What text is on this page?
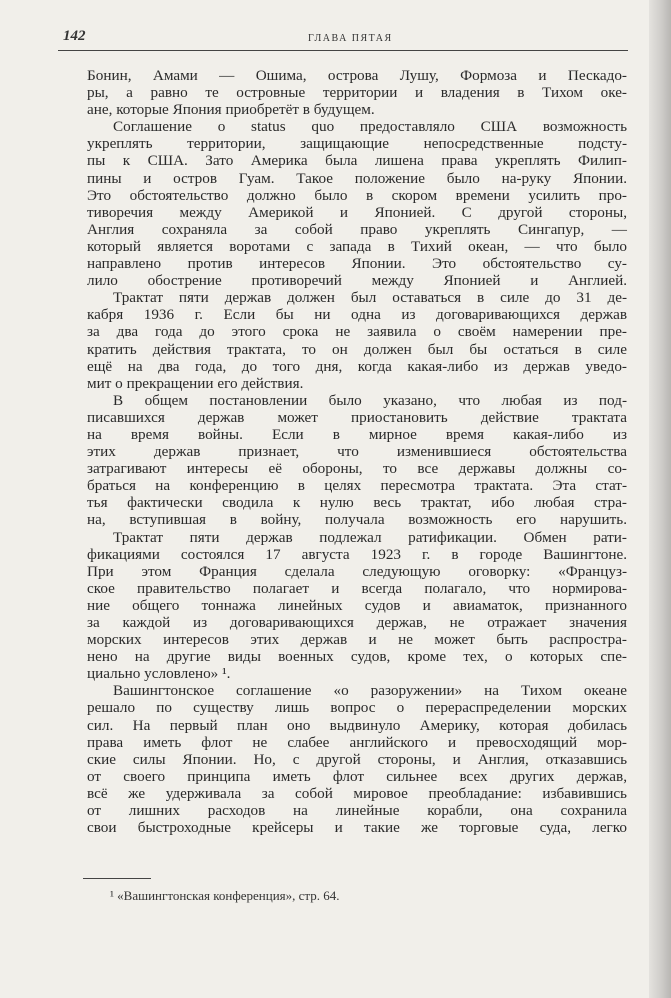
142	ГЛАВА ПЯТАЯ
Бонин, Амами — Ошима, острова Лушу, Формоза и Пескадо-
ры, а равно те островные территории и владения в Тихом оке-
ане, которые Япония приобретёт в будущем.
Соглашение о status quo предоставляло США возможность
укреплять территории, защищающие непосредственные подсту-
пы к США. Зато Америка была лишена права укреплять Филип-
пины и остров Гуам. Такое положение было на-руку Японии.
Это обстоятельство должно было в скором времени усилить про-
тиворечия между Америкой и Японией. С другой стороны,
Англия сохраняла за собой право укреплять Сингапур, —
который является воротами с запада в Тихий океан, — что было
направлено против интересов Японии. Это обстоятельство су-
лило обострение противоречий между Японией и Англией.
Трактат пяти держав должен был оставаться в силе до 31 де-
кабря 1936 г. Если бы ни одна из договаривающихся держав
за два года до этого срока не заявила о своём намерении пре-
кратить действия трактата, то он должен был бы остаться в силе
ещё на два года, до того дня, когда какая-либо из держав уведо-
мит о прекращении его действия.
В общем постановлении было указано, что любая из под-
писавшихся держав может приостановить действие трактата
на время войны. Если в мирное время какая-либо из
этих держав признает, что изменившиеся обстоятельства
затрагивают интересы её обороны, то все державы должны со-
браться на конференцию в целях пересмотра трактата. Эта стат-
тья фактически сводила к нулю весь трактат, ибо любая стра-
на, вступившая в войну, получала возможность его нарушить.
Трактат пяти держав подлежал ратификации. Обмен рати-
фикациями состоялся 17 августа 1923 г. в городе Вашингтоне.
При этом Франция сделала следующую оговорку: «Француз-
ское правительство полагает и всегда полагало, что нормирова-
ние общего тоннажа линейных судов и авиаматок, признанного
за каждой из договаривающихся держав, не отражает значения
морских интересов этих держав и не может быть распростра-
нено на другие виды военных судов, кроме тех, о которых спе-
циально условлено» ¹.
Вашингтонское соглашение «о разоружении» на Тихом океане
решало по существу лишь вопрос о перераспределении морских
сил. На первый план оно выдвинуло Америку, которая добилась
права иметь флот не слабее английского и превосходящий мор-
ские силы Японии. Но, с другой стороны, и Англия, отказавшись
от своего принципа иметь флот сильнее всех других держав,
всё же удерживала за собой мировое преобладание: избавившись
от лишних расходов на линейные корабли, она сохранила
свои быстроходные крейсеры и такие же торговые суда, легко
¹ «Вашингтонская конференция», стр. 64.
